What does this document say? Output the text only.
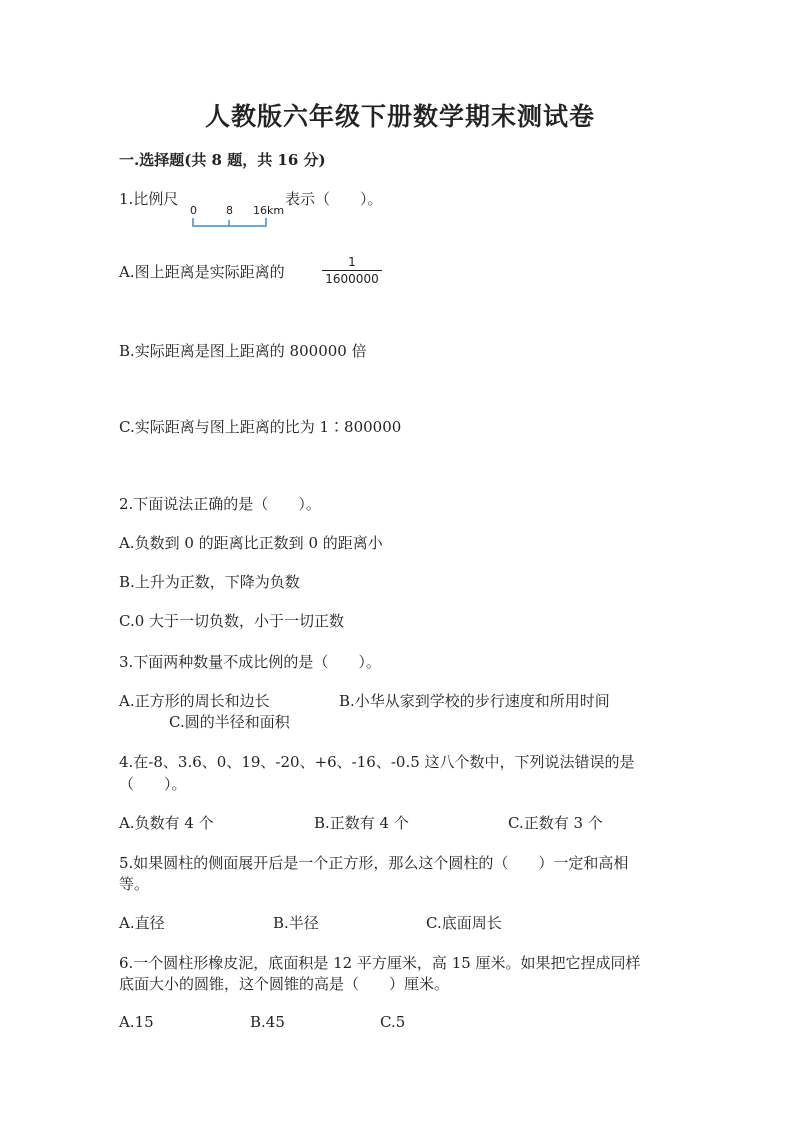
人教版六年级下册数学期末测试卷
一.选择题(共 8 题，共 16 分)
1.比例尺
0	8 16km
表示（　　）。
A.图上距离是实际距离的
1
1600000
B.实际距离是图上距离的 800000 倍
C.实际距离与图上距离的比为 1∶800000
2.下面说法正确的是（　　）。
A.负数到 0 的距离比正数到 0 的距离小
B.上升为正数，下降为负数
C.0 大于一切负数，小于一切正数
3.下面两种数量不成比例的是（　　）。
A.正方形的周长和边长	B.小华从家到学校的步行速度和所用时间
C.圆的半径和面积
4.在-8、3.6、0、19、-20、+6、-16、-0.5 这八个数中，下列说法错误的是
（　　）。
A.负数有 4 个	B.正数有 4 个	C.正数有 3 个
5.如果圆柱的侧面展开后是一个正方形，那么这个圆柱的（　　）一定和高相
等。
A.直径	B.半径	C.底面周长
6.一个圆柱形橡皮泥，底面积是 12 平方厘米，高 15 厘米。如果把它捏成同样
底面大小的圆锥，这个圆锥的高是（　　）厘米。
A.15	B.45	C.5
